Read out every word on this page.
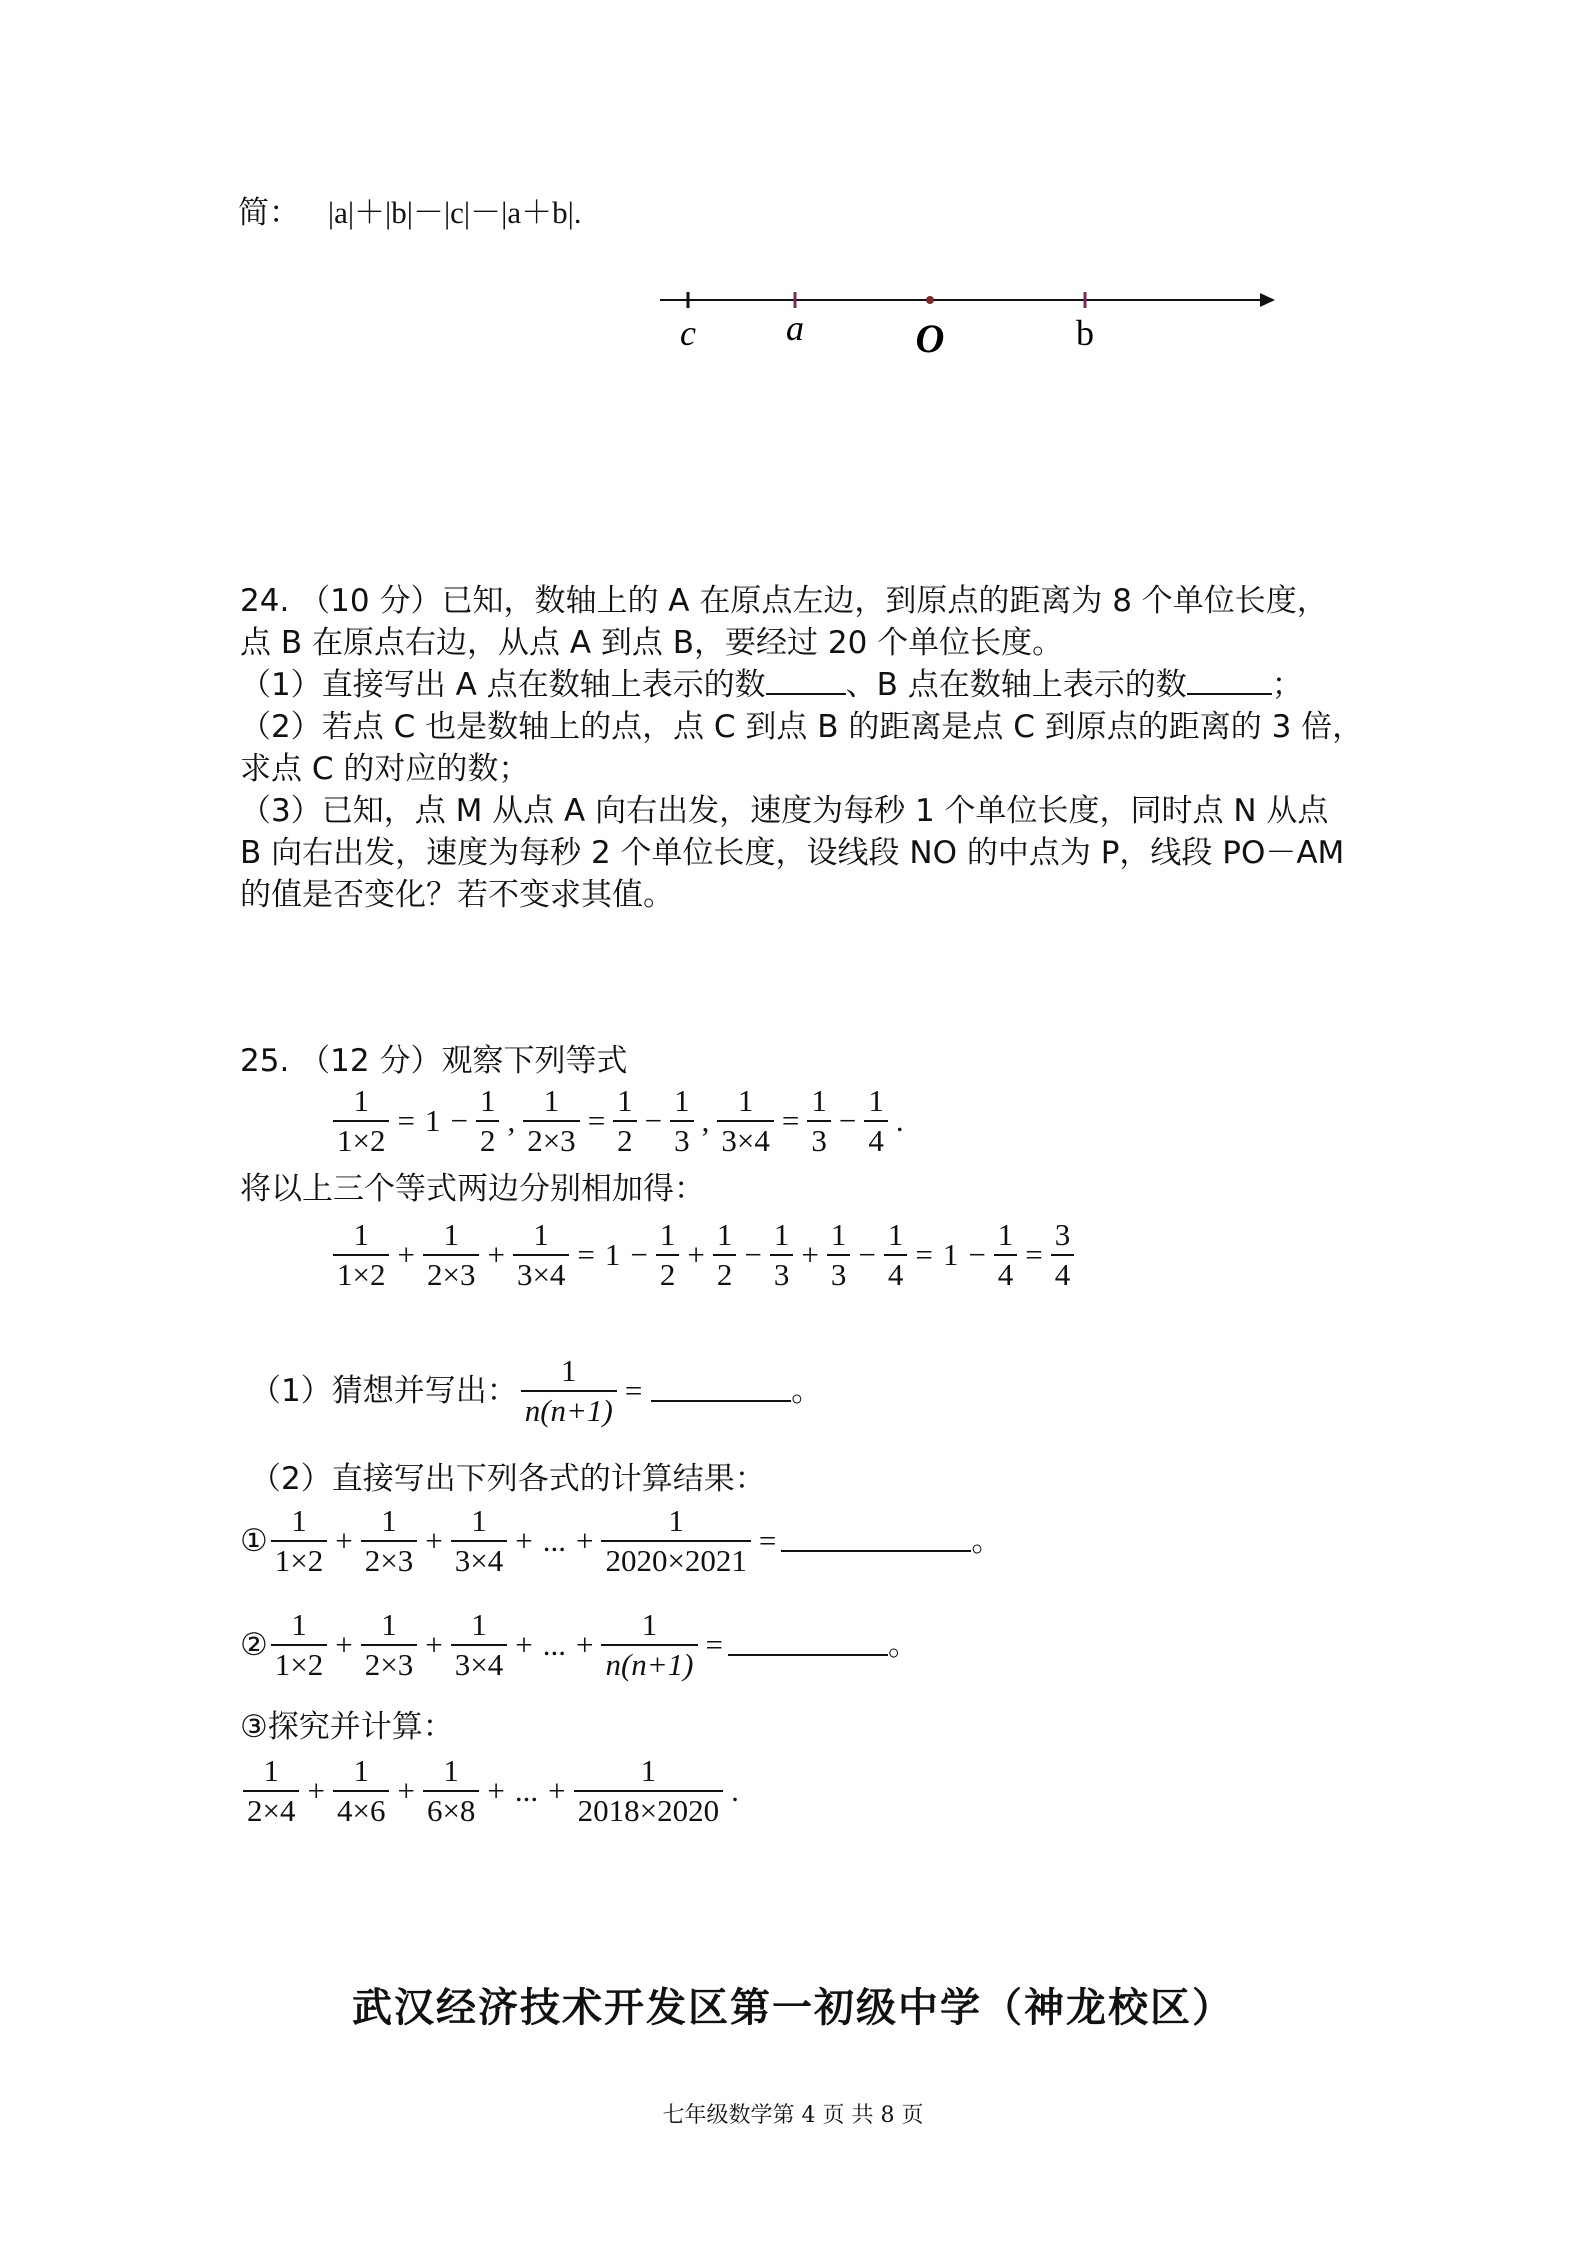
简： |a|＋|b|－|c|－|a＋b|.
c	a	O	b
24. （10 分）已知，数轴上的 A 在原点左边，到原点的距离为 8 个单位长度，
点 B 在原点右边，从点 A 到点 B，要经过 20 个单位长度。
（1）直接写出 A 点在数轴上表示的数	、B 点在数轴上表示的数	；
（2）若点 C 也是数轴上的点，点 C 到点 B 的距离是点 C 到原点的距离的 3 倍，
求点 C 的对应的数；
（3）已知，点 M 从点 A 向右出发，速度为每秒 1 个单位长度，同时点 N 从点
B 向右出发，速度为每秒 2 个单位长度，设线段 NO 的中点为 P，线段 PO－AM
的值是否变化？若不变求其值。
25. （12 分）观察下列等式
$\frac{1}{1\times 2} = 1 - \frac{1}{2}$ , $\frac{1}{2\times 3} = \frac{1}{2} - \frac{1}{3}$ , $\frac{1}{3\times 4} = \frac{1}{3} - \frac{1}{4}$ .
将以上三个等式两边分别相加得：
$\frac{1}{1\times 2} + \frac{1}{2\times 3} + \frac{1}{3\times 4} = 1 - \frac{1}{2} + \frac{1}{2} - \frac{1}{3} + \frac{1}{3} - \frac{1}{4} = 1 - \frac{1}{4} = \frac{3}{4}$
（1）猜想并写出： $\frac{1}{n(n+1)}$ =	。
（2）直接写出下列各式的计算结果：
① $\frac{1}{1\times 2} + \frac{1}{2\times 3} + \frac{1}{3\times 4}$ + ... + $\frac{1}{2020\times 2021}$ =	。
② $\frac{1}{1\times 2} + \frac{1}{2\times 3} + \frac{1}{3\times 4}$ + ... + $\frac{1}{n(n+1)}$ =	。
③探究并计算：
$\frac{1}{2\times 4} + \frac{1}{4\times 6} + \frac{1}{6\times 8}$ + ... + $\frac{1}{2018\times 2020}$ .
武汉经济技术开发区第一初级中学（神龙校区）
七年级数学第 4 页 共 8 页
